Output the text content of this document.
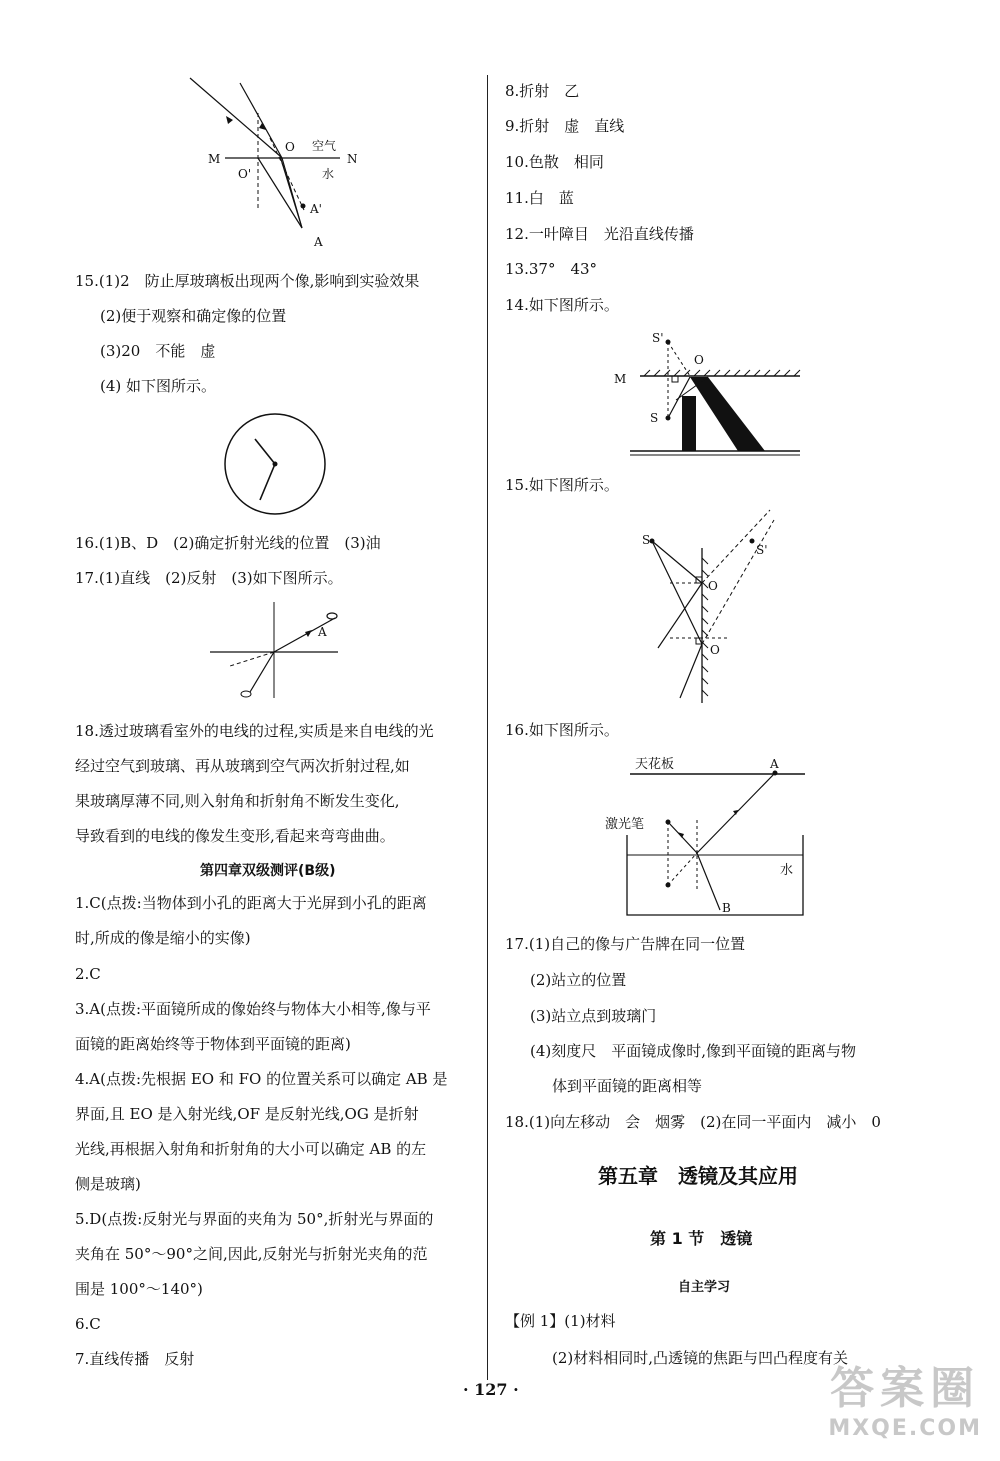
M	N
O
O'
A'
A
空气
水
15.(1)2　防止厚玻璃板出现两个像,影响到实验效果
(2)便于观察和确定像的位置
(3)20　不能　虚
(4) 如下图所示。
16.(1)B、D　(2)确定折射光线的位置　(3)油
17.(1)直线　(2)反射　(3)如下图所示。
A
18.透过玻璃看室外的电线的过程,实质是来自电线的光
经过空气到玻璃、再从玻璃到空气两次折射过程,如
果玻璃厚薄不同,则入射角和折射角不断发生变化,
导致看到的电线的像发生变形,看起来弯弯曲曲。
第四章双级测评(B级)
1.C(点拨:当物体到小孔的距离大于光屏到小孔的距离
时,所成的像是缩小的实像)
2.C
3.A(点拨:平面镜所成的像始终与物体大小相等,像与平
面镜的距离始终等于物体到平面镜的距离)
4.A(点拨:先根据 EO 和 FO 的位置关系可以确定 AB 是
界面,且 EO 是入射光线,OF 是反射光线,OG 是折射
光线,再根据入射角和折射角的大小可以确定 AB 的左
侧是玻璃)
5.D(点拨:反射光与界面的夹角为 50°,折射光与界面的
夹角在 50°～90°之间,因此,反射光与折射光夹角的范
围是 100°～140°)
6.C
7.直线传播　反射
8.折射　乙
9.折射　虚　直线
10.色散　相同
11.白　蓝
12.一叶障目　光沿直线传播
13.37°　43°
14.如下图所示。
S'
O
M
S
P
15.如下图所示。
S
S'
O
O
16.如下图所示。
天花板	A
水
激光笔
B
17.(1)自己的像与广告牌在同一位置
(2)站立的位置
(3)站立点到玻璃门
(4)刻度尺　平面镜成像时,像到平面镜的距离与物
体到平面镜的距离相等
18.(1)向左移动　会　烟雾　(2)在同一平面内　减小　0
第五章　透镜及其应用
第 1 节　透镜
自主学习
【例 1】(1)材料
(2)材料相同时,凸透镜的焦距与凹凸程度有关
· 127 ·	答案圈
MXQE.COM
